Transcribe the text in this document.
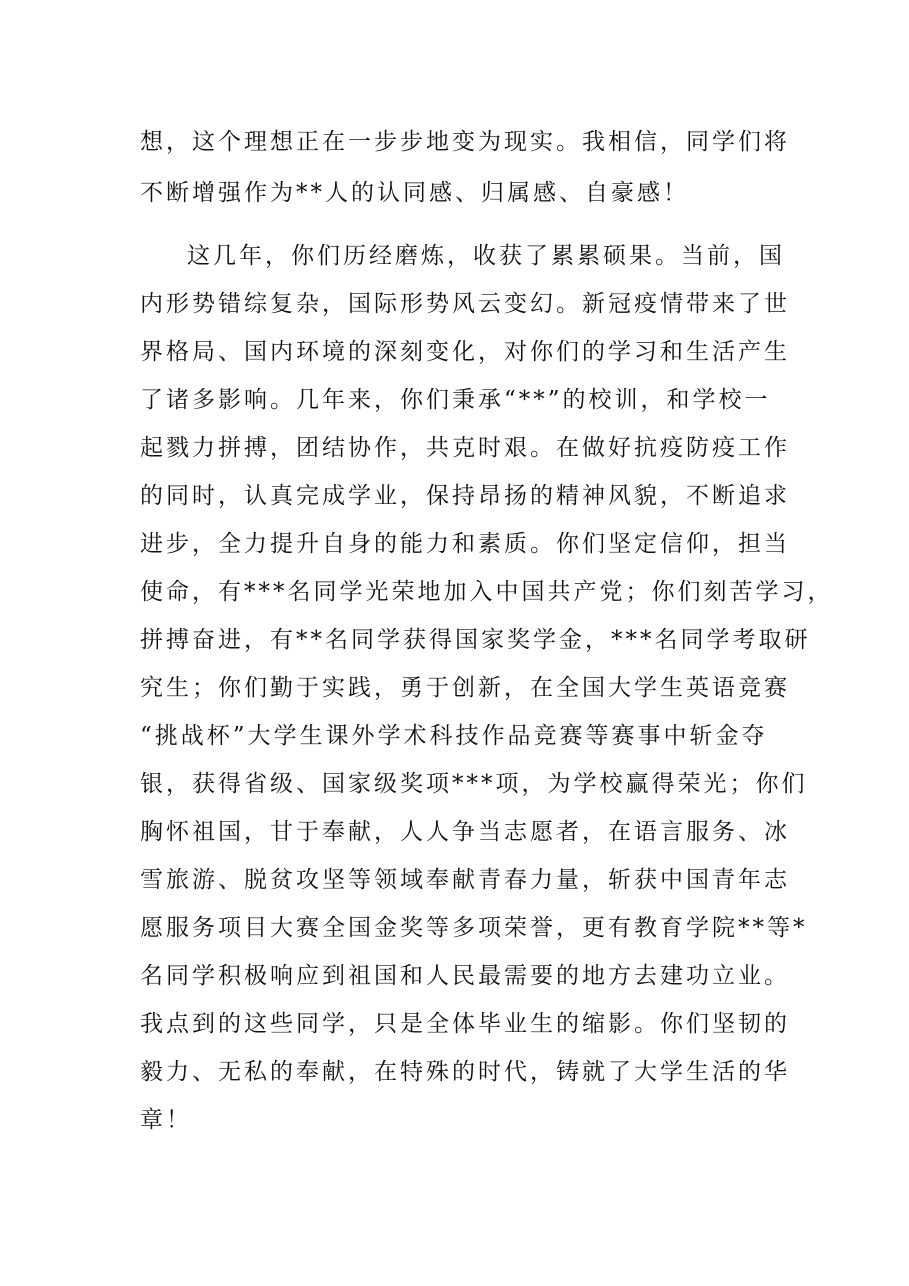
想，这个理想正在一步步地变为现实。我相信，同学们将
不断增强作为**人的认同感、归属感、自豪感！
这几年，你们历经磨炼，收获了累累硕果。当前，国
内形势错综复杂，国际形势风云变幻。新冠疫情带来了世
界格局、国内环境的深刻变化，对你们的学习和生活产生
了诸多影响。几年来，你们秉承“**”的校训，和学校一
起戮力拼搏，团结协作，共克时艰。在做好抗疫防疫工作
的同时，认真完成学业，保持昂扬的精神风貌，不断追求
进步，全力提升自身的能力和素质。你们坚定信仰，担当
使命，有***名同学光荣地加入中国共产党；你们刻苦学习，
拼搏奋进，有**名同学获得国家奖学金，***名同学考取研
究生；你们勤于实践，勇于创新，在全国大学生英语竞赛
“挑战杯”大学生课外学术科技作品竞赛等赛事中斩金夺
银，获得省级、国家级奖项***项，为学校赢得荣光；你们
胸怀祖国，甘于奉献，人人争当志愿者，在语言服务、冰
雪旅游、脱贫攻坚等领域奉献青春力量，斩获中国青年志
愿服务项目大赛全国金奖等多项荣誉，更有教育学院**等*
名同学积极响应到祖国和人民最需要的地方去建功立业。
我点到的这些同学，只是全体毕业生的缩影。你们坚韧的
毅力、无私的奉献，在特殊的时代，铸就了大学生活的华
章！
